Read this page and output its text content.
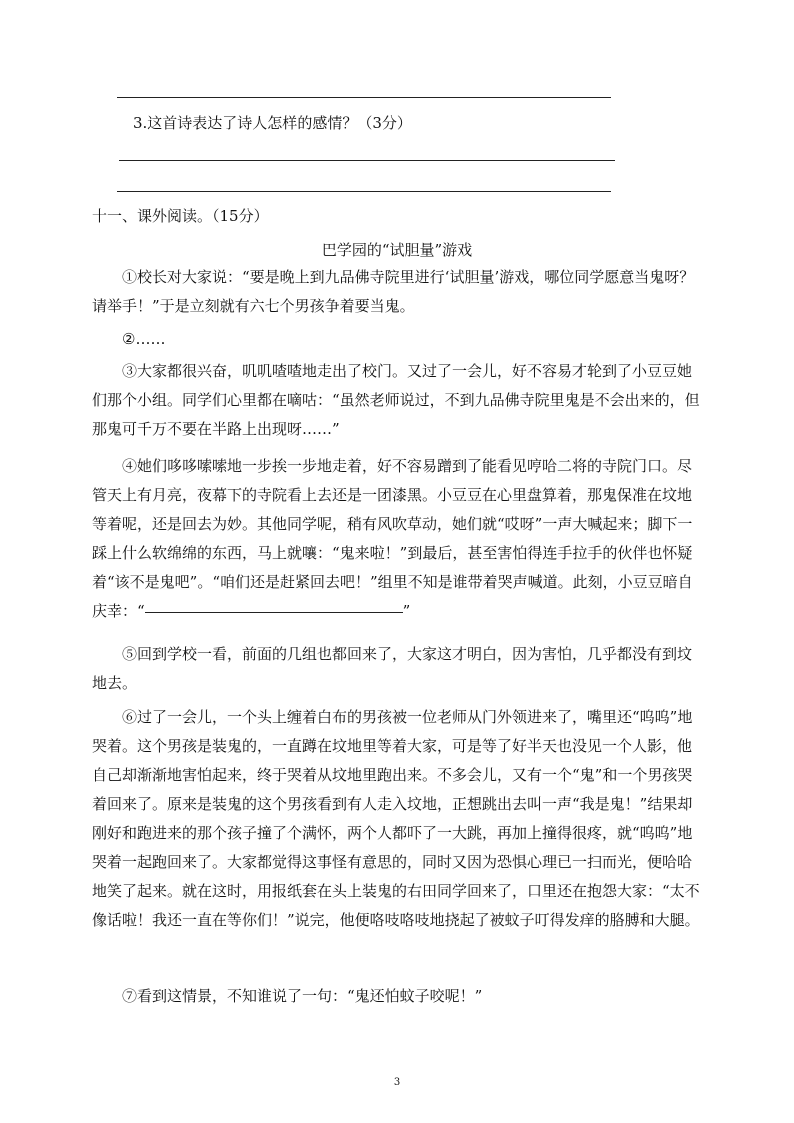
3.这首诗表达了诗人怎样的感情？（3分）
十一、课外阅读。（15分）
巴学园的“试胆量”游戏

①校长对大家说：“要是晚上到九品佛寺院里进行‘试胆量’游戏，哪位同学愿意当鬼呀？请举手！”于是立刻就有六七个男孩争着要当鬼。

②……

③大家都很兴奋，叽叽喳喳地走出了校门。又过了一会儿，好不容易才轮到了小豆豆她们那个小组。同学们心里都在嘀咕：“虽然老师说过，不到九品佛寺院里鬼是不会出来的，但那鬼可千万不要在半路上出现呀……”

④她们哆哆嗦嗦地一步挨一步地走着，好不容易蹭到了能看见哼哈二将的寺院门口。尽管天上有月亮，夜幕下的寺院看上去还是一团漆黑。小豆豆在心里盘算着，那鬼保准在坟地等着呢，还是回去为妙。其他同学呢，稍有风吹草动，她们就“哎呀”一声大喊起来；脚下一踩上什么软绵绵的东西，马上就嚷：“鬼来啦！”到最后，甚至害怕得连手拉手的伙伴也怀疑着“该不是鬼吧”。“咱们还是赶紧回去吧！”组里不知是谁带着哭声喊道。此刻，小豆豆暗自庆幸：“	”

⑤回到学校一看，前面的几组也都回来了，大家这才明白，因为害怕，几乎都没有到坟地去。

⑥过了一会儿，一个头上缠着白布的男孩被一位老师从门外领进来了，嘴里还“呜呜”地哭着。这个男孩是装鬼的，一直蹲在坟地里等着大家，可是等了好半天也没见一个人影，他自己却渐渐地害怕起来，终于哭着从坟地里跑出来。不多会儿，又有一个“鬼”和一个男孩哭着回来了。原来是装鬼的这个男孩看到有人走入坟地，正想跳出去叫一声“我是鬼！”结果却刚好和跑进来的那个孩子撞了个满怀，两个人都吓了一大跳，再加上撞得很疼，就“呜呜”地哭着一起跑回来了。大家都觉得这事怪有意思的，同时又因为恐惧心理已一扫而光，便哈哈地笑了起来。就在这时，用报纸套在头上装鬼的右田同学回来了，口里还在抱怨大家：“太不像话啦！我还一直在等你们！”说完，他便咯吱咯吱地挠起了被蚊子叮得发痒的胳膊和大腿。

⑦看到这情景，不知谁说了一句：“鬼还怕蚊子咬呢！”

3
